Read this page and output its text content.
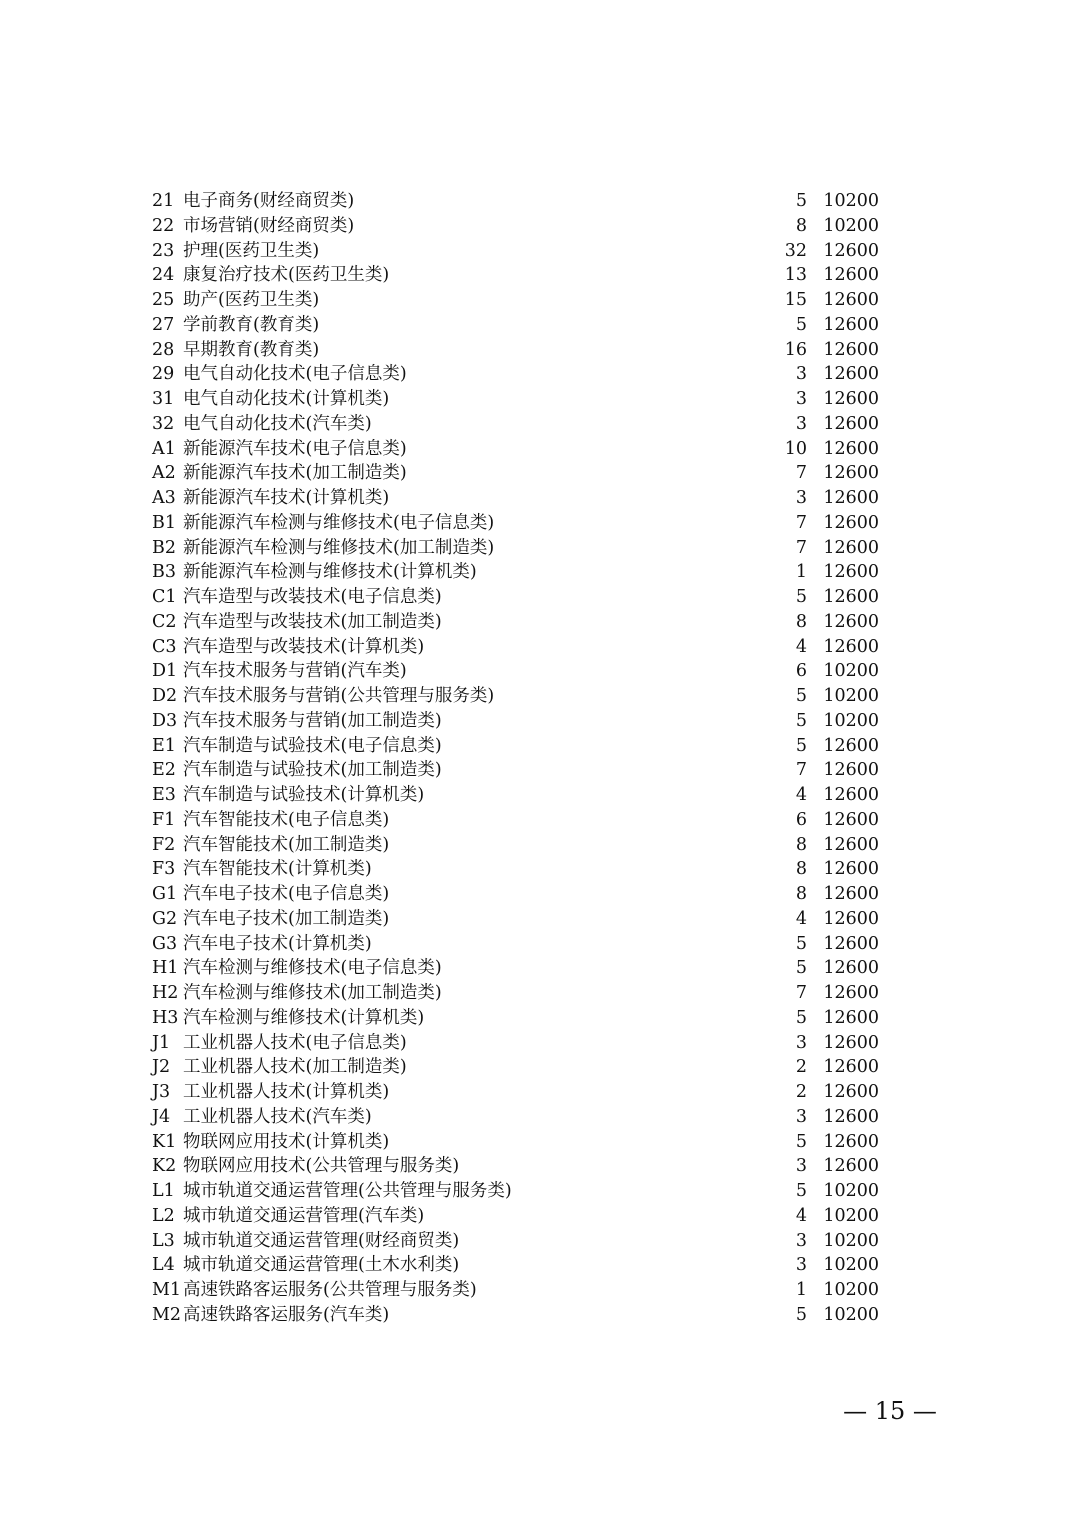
21 电子商务(财经商贸类)	5 10200
22 市场营销(财经商贸类)	8 10200
23 护理(医药卫生类)	32 12600
24 康复治疗技术(医药卫生类)	13 12600
25 助产(医药卫生类)	15 12600
27 学前教育(教育类)	5 12600
28 早期教育(教育类)	16 12600
29 电气自动化技术(电子信息类)	3 12600
31 电气自动化技术(计算机类)	3 12600
32 电气自动化技术(汽车类)	3 12600
A1 新能源汽车技术(电子信息类)	10 12600
A2 新能源汽车技术(加工制造类)	7 12600
A3 新能源汽车技术(计算机类)	3 12600
B1 新能源汽车检测与维修技术(电子信息类)	7 12600
B2 新能源汽车检测与维修技术(加工制造类)	7 12600
B3 新能源汽车检测与维修技术(计算机类)	1 12600
C1 汽车造型与改装技术(电子信息类)	5 12600
C2 汽车造型与改装技术(加工制造类)	8 12600
C3 汽车造型与改装技术(计算机类)	4 12600
D1 汽车技术服务与营销(汽车类)	6 10200
D2 汽车技术服务与营销(公共管理与服务类)	5 10200
D3 汽车技术服务与营销(加工制造类)	5 10200
E1 汽车制造与试验技术(电子信息类)	5 12600
E2 汽车制造与试验技术(加工制造类)	7 12600
E3 汽车制造与试验技术(计算机类)	4 12600
F1 汽车智能技术(电子信息类)	6 12600
F2 汽车智能技术(加工制造类)	8 12600
F3 汽车智能技术(计算机类)	8 12600
G1 汽车电子技术(电子信息类)	8 12600
G2 汽车电子技术(加工制造类)	4 12600
G3 汽车电子技术(计算机类)	5 12600
H1 汽车检测与维修技术(电子信息类)	5 12600
H2 汽车检测与维修技术(加工制造类)	7 12600
H3 汽车检测与维修技术(计算机类)	5 12600
J1 工业机器人技术(电子信息类)	3 12600
J2 工业机器人技术(加工制造类)	2 12600
J3 工业机器人技术(计算机类)	2 12600
J4 工业机器人技术(汽车类)	3 12600
K1 物联网应用技术(计算机类)	5 12600
K2 物联网应用技术(公共管理与服务类)	3 12600
L1 城市轨道交通运营管理(公共管理与服务类)	5 10200
L2 城市轨道交通运营管理(汽车类)	4 10200
L3 城市轨道交通运营管理(财经商贸类)	3 10200
L4 城市轨道交通运营管理(土木水利类)	3 10200
M1 高速铁路客运服务(公共管理与服务类)	1 10200
M2 高速铁路客运服务(汽车类)	5 10200
— 15 —
